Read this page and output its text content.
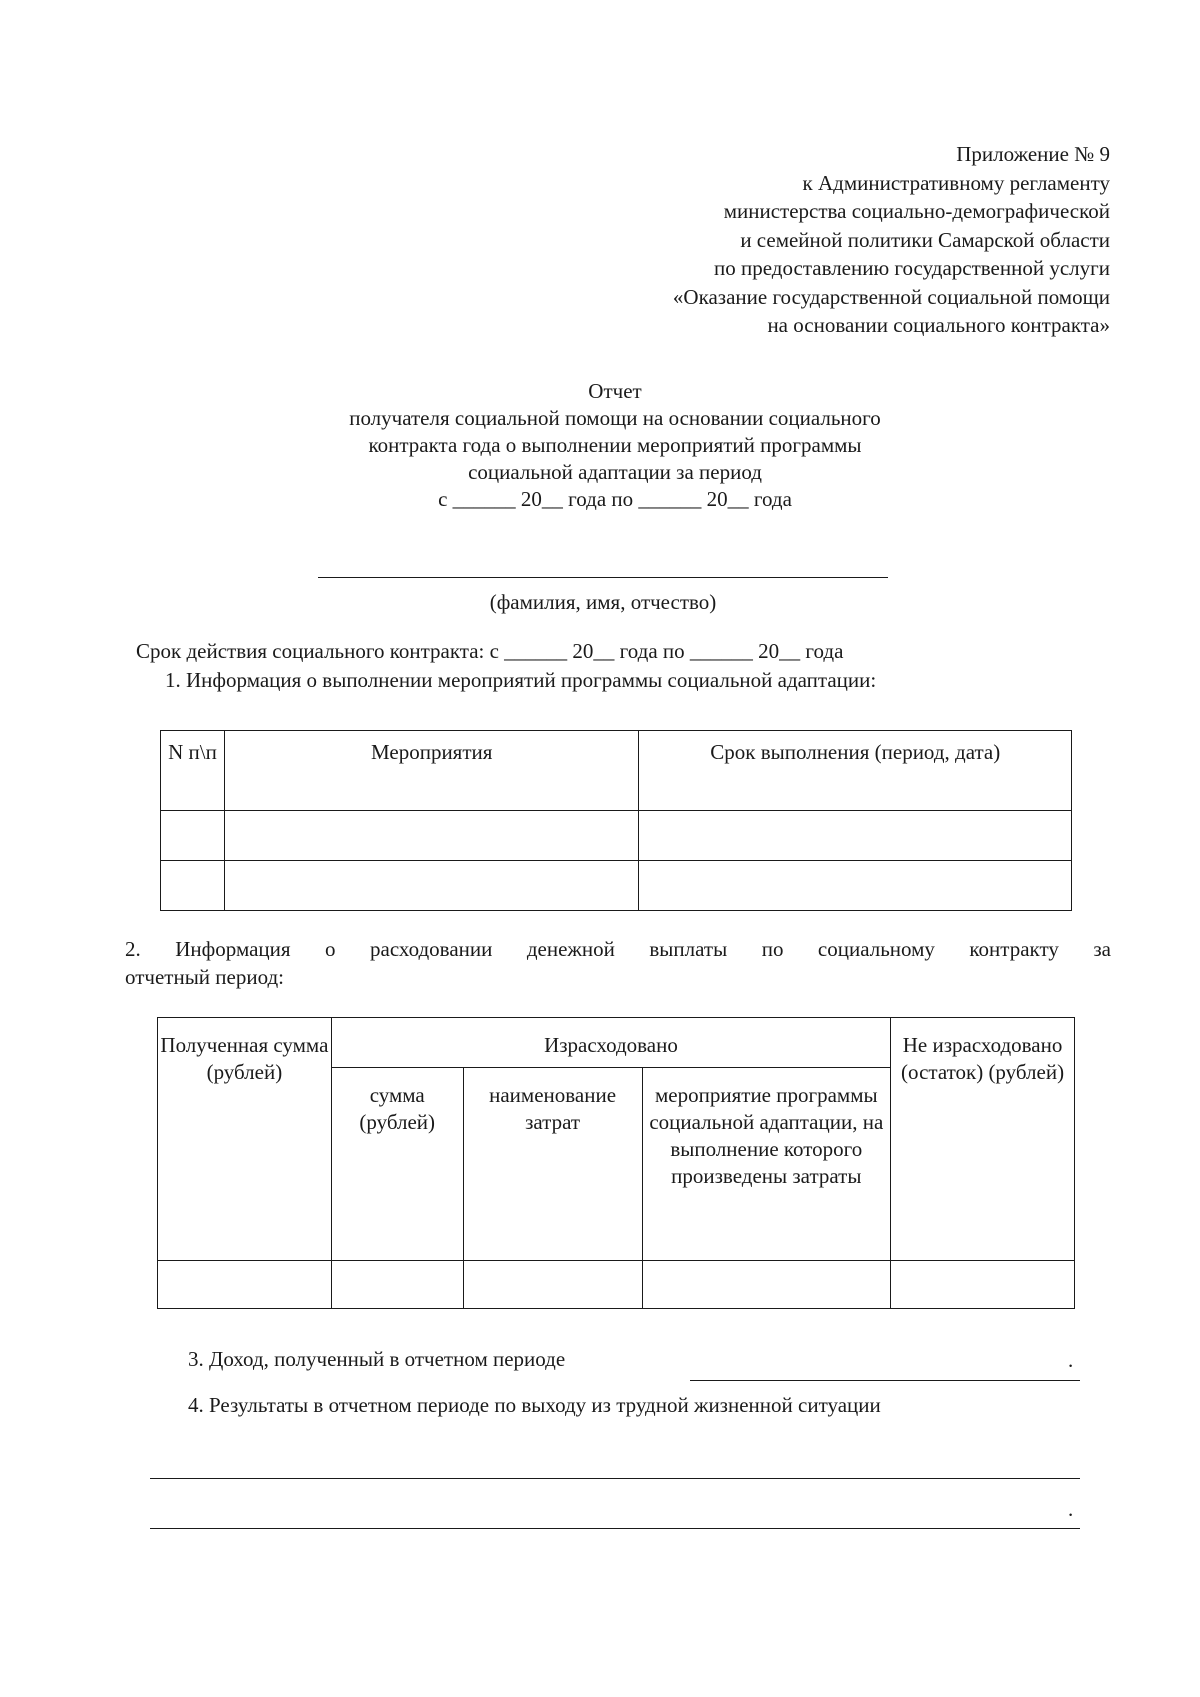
Приложение № 9
к Административному регламенту
министерства социально-демографической
и семейной политики Самарской области
по предоставлению государственной услуги
«Оказание государственной социальной помощи
на основании социального контракта»
Отчет
получателя социальной помощи на основании социального
контракта года о выполнении мероприятий программы
социальной адаптации за период
с ______ 20__ года по ______ 20__ года
(фамилия, имя, отчество)
Срок действия социального контракта: с ______ 20__ года по ______ 20__ года
1. Информация о выполнении мероприятий программы социальной адаптации:
N п\п	Мероприятия	Срок выполнения (период, дата)

2. Информация о расходовании денежной выплаты по социальному контракту за
отчетный период:
Полученная сумма (рублей)	Израсходовано			Не израсходовано (остаток) (рублей)
	сумма (рублей)	наименование затрат	мероприятие программы социальной адаптации, на выполнение которого произведены затраты	

3. Доход, полученный в отчетном периоде	.
4. Результаты в отчетном периоде по выходу из трудной жизненной ситуации
.
